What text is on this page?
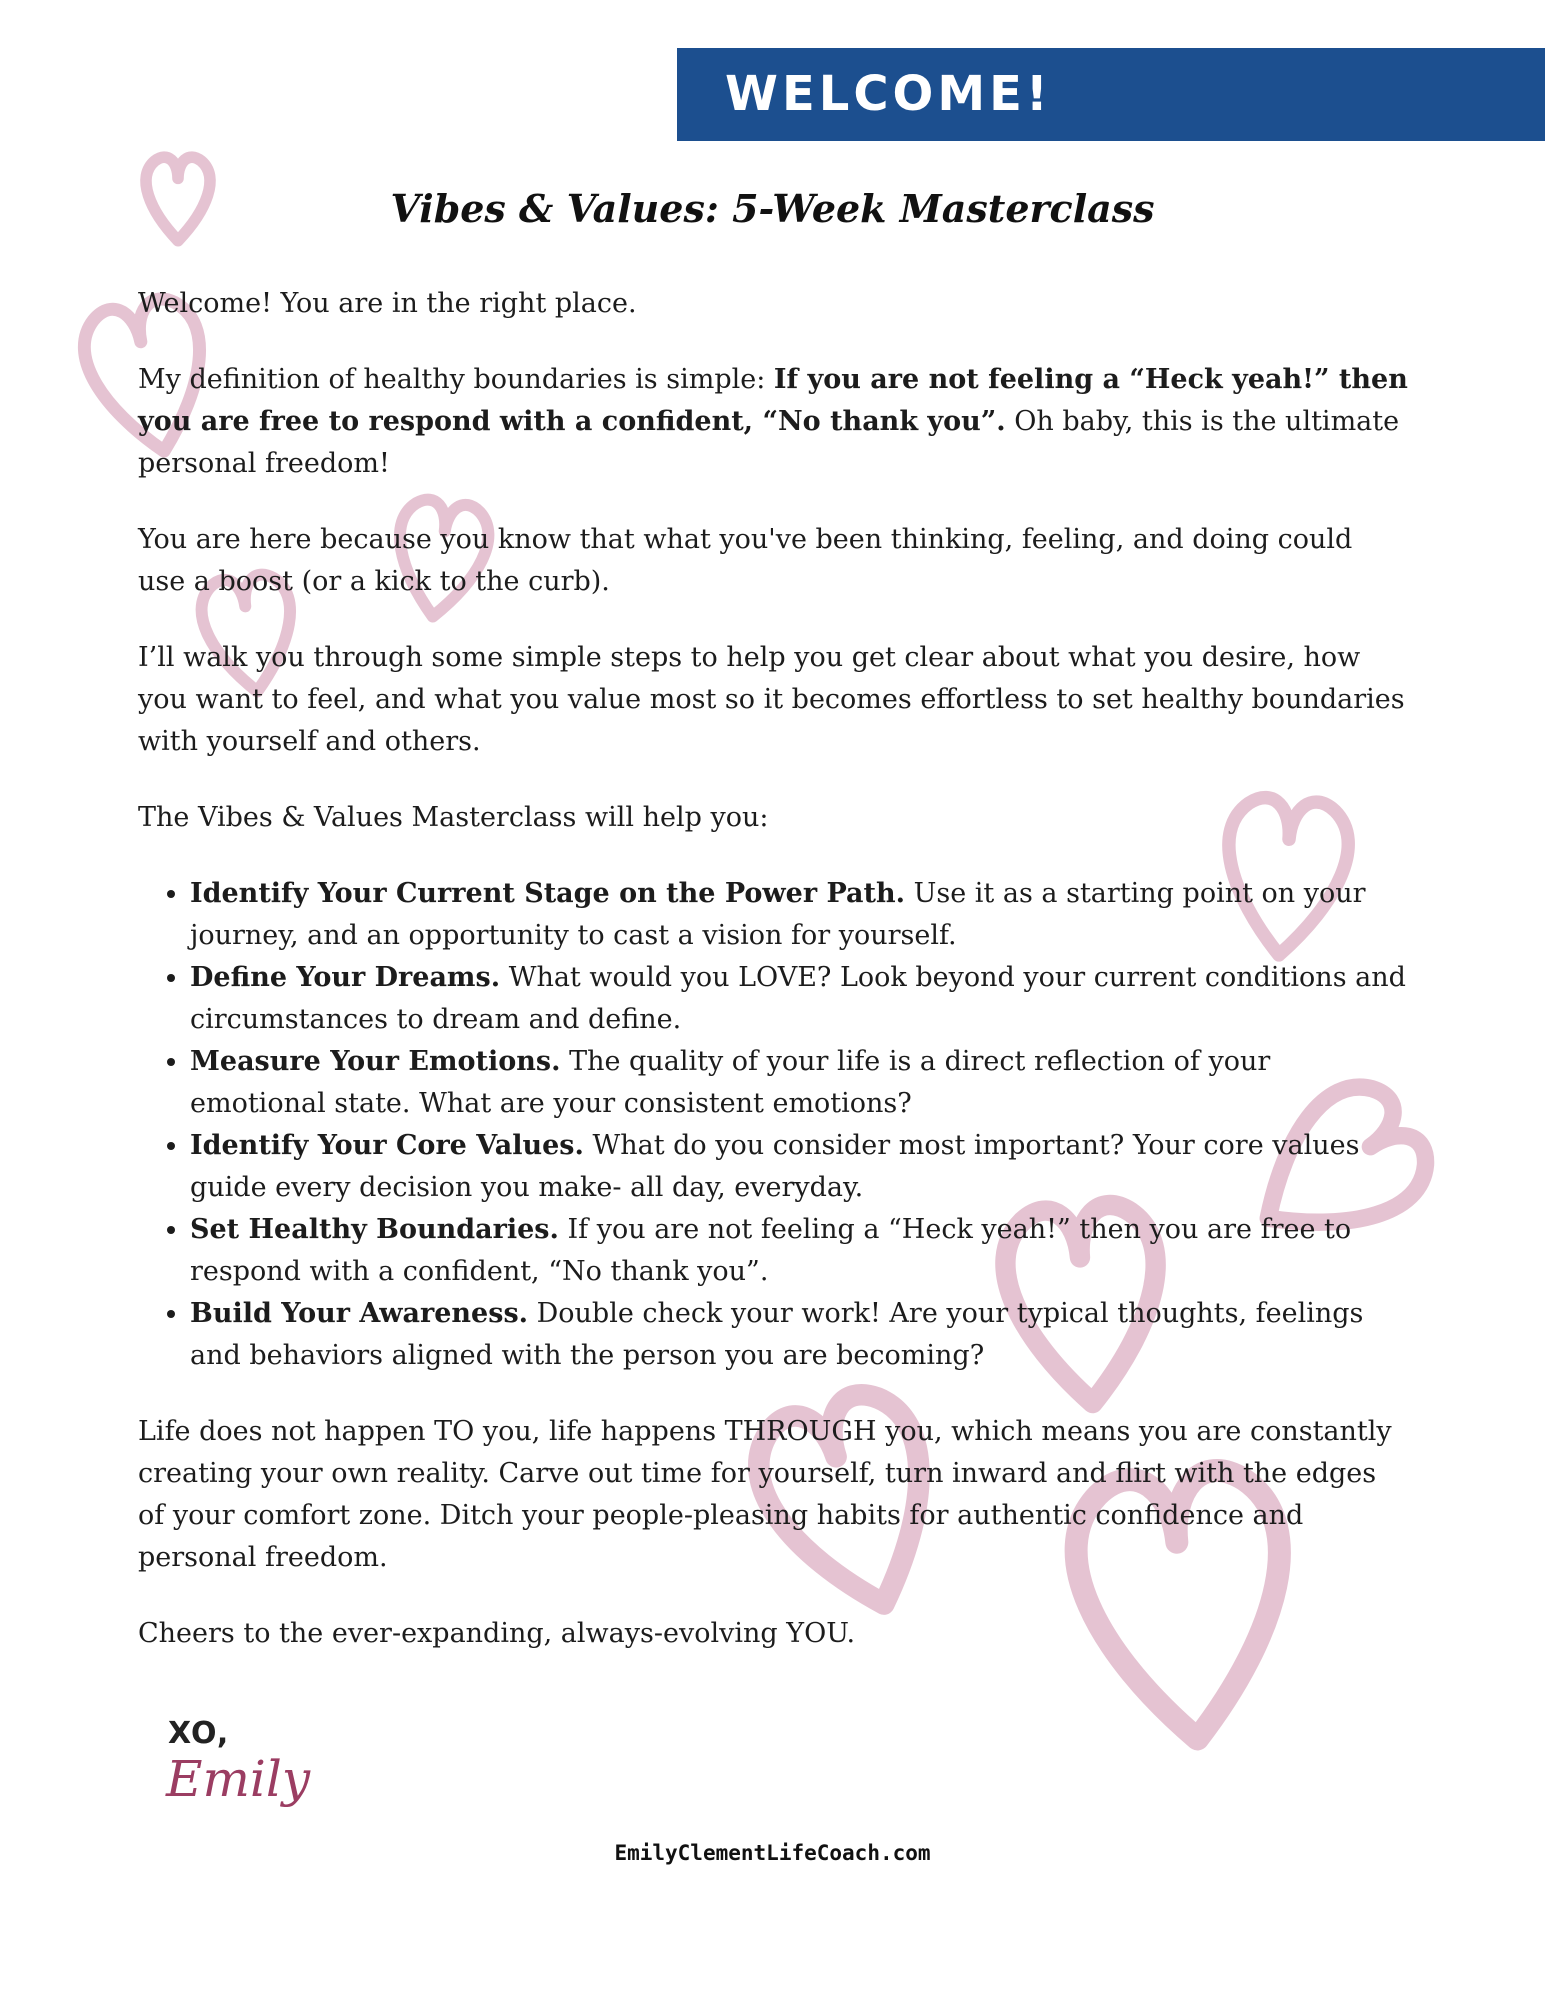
WELCOME!
Vibes & Values: 5-Week Masterclass

Welcome! You are in the right place.

My definition of healthy boundaries is simple: If you are not feeling a “Heck yeah!” then you are free to respond with a confident, “No thank you”. Oh baby, this is the ultimate personal freedom!

You are here because you know that what you've been thinking, feeling, and doing could use a boost (or a kick to the curb).

I’ll walk you through some simple steps to help you get clear about what you desire, how you want to feel, and what you value most so it becomes effortless to set healthy boundaries with yourself and others.

The Vibes & Values Masterclass will help you:

• Identify Your Current Stage on the Power Path. Use it as a starting point on your journey, and an opportunity to cast a vision for yourself.
• Define Your Dreams. What would you LOVE? Look beyond your current conditions and circumstances to dream and define.
• Measure Your Emotions. The quality of your life is a direct reflection of your emotional state. What are your consistent emotions?
• Identify Your Core Values. What do you consider most important? Your core values guide every decision you make- all day, everyday.
• Set Healthy Boundaries. If you are not feeling a “Heck yeah!” then you are free to respond with a confident, “No thank you”.
• Build Your Awareness. Double check your work! Are your typical thoughts, feelings and behaviors aligned with the person you are becoming?

Life does not happen TO you, life happens THROUGH you, which means you are constantly creating your own reality. Carve out time for yourself, turn inward and flirt with the edges of your comfort zone. Ditch your people-pleasing habits for authentic confidence and personal freedom.

Cheers to the ever-expanding, always-evolving YOU.

XO,
Emily
EmilyClementLifeCoach.com
